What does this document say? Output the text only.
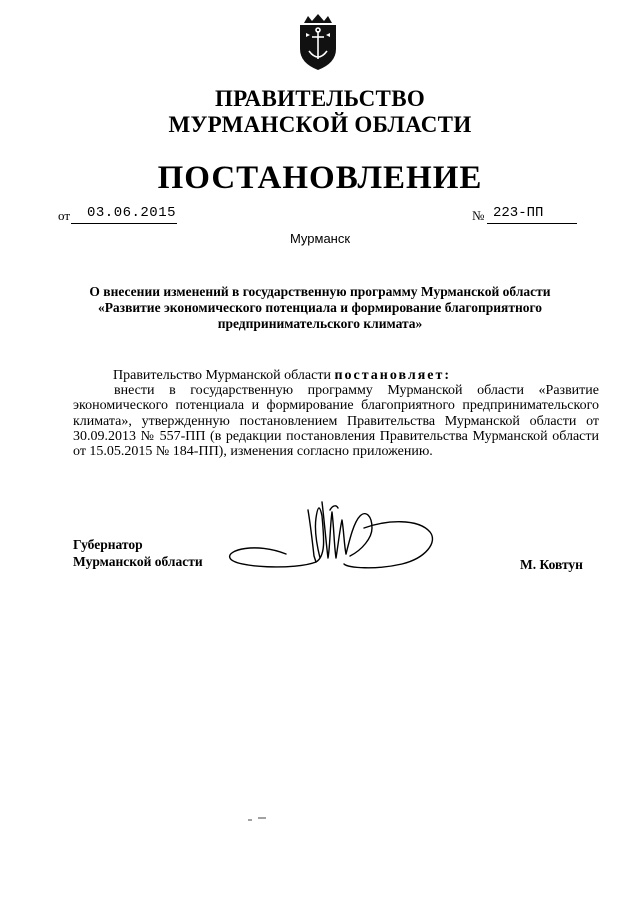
ПРАВИТЕЛЬСТВО
МУРМАНСКОЙ ОБЛАСТИ
ПОСТАНОВЛЕНИЕ
от 03.06.2015	№ 223-ПП
Мурманск
О внесении изменений в государственную программу Мурманской области
«Развитие экономического потенциала и формирование благоприятного
предпринимательского климата»
Правительство Мурманской области постановляет:
внести в государственную программу Мурманской области «Развитие экономического потенциала и формирование благоприятного предпринимательского климата», утвержденную постановлением Правительства Мурманской области от 30.09.2013 № 557-ПП (в редакции постановления Правительства Мурманской области от 15.05.2015 № 184-ПП), изменения согласно приложению.
Губернатор
Мурманской области	М. Ковтун
